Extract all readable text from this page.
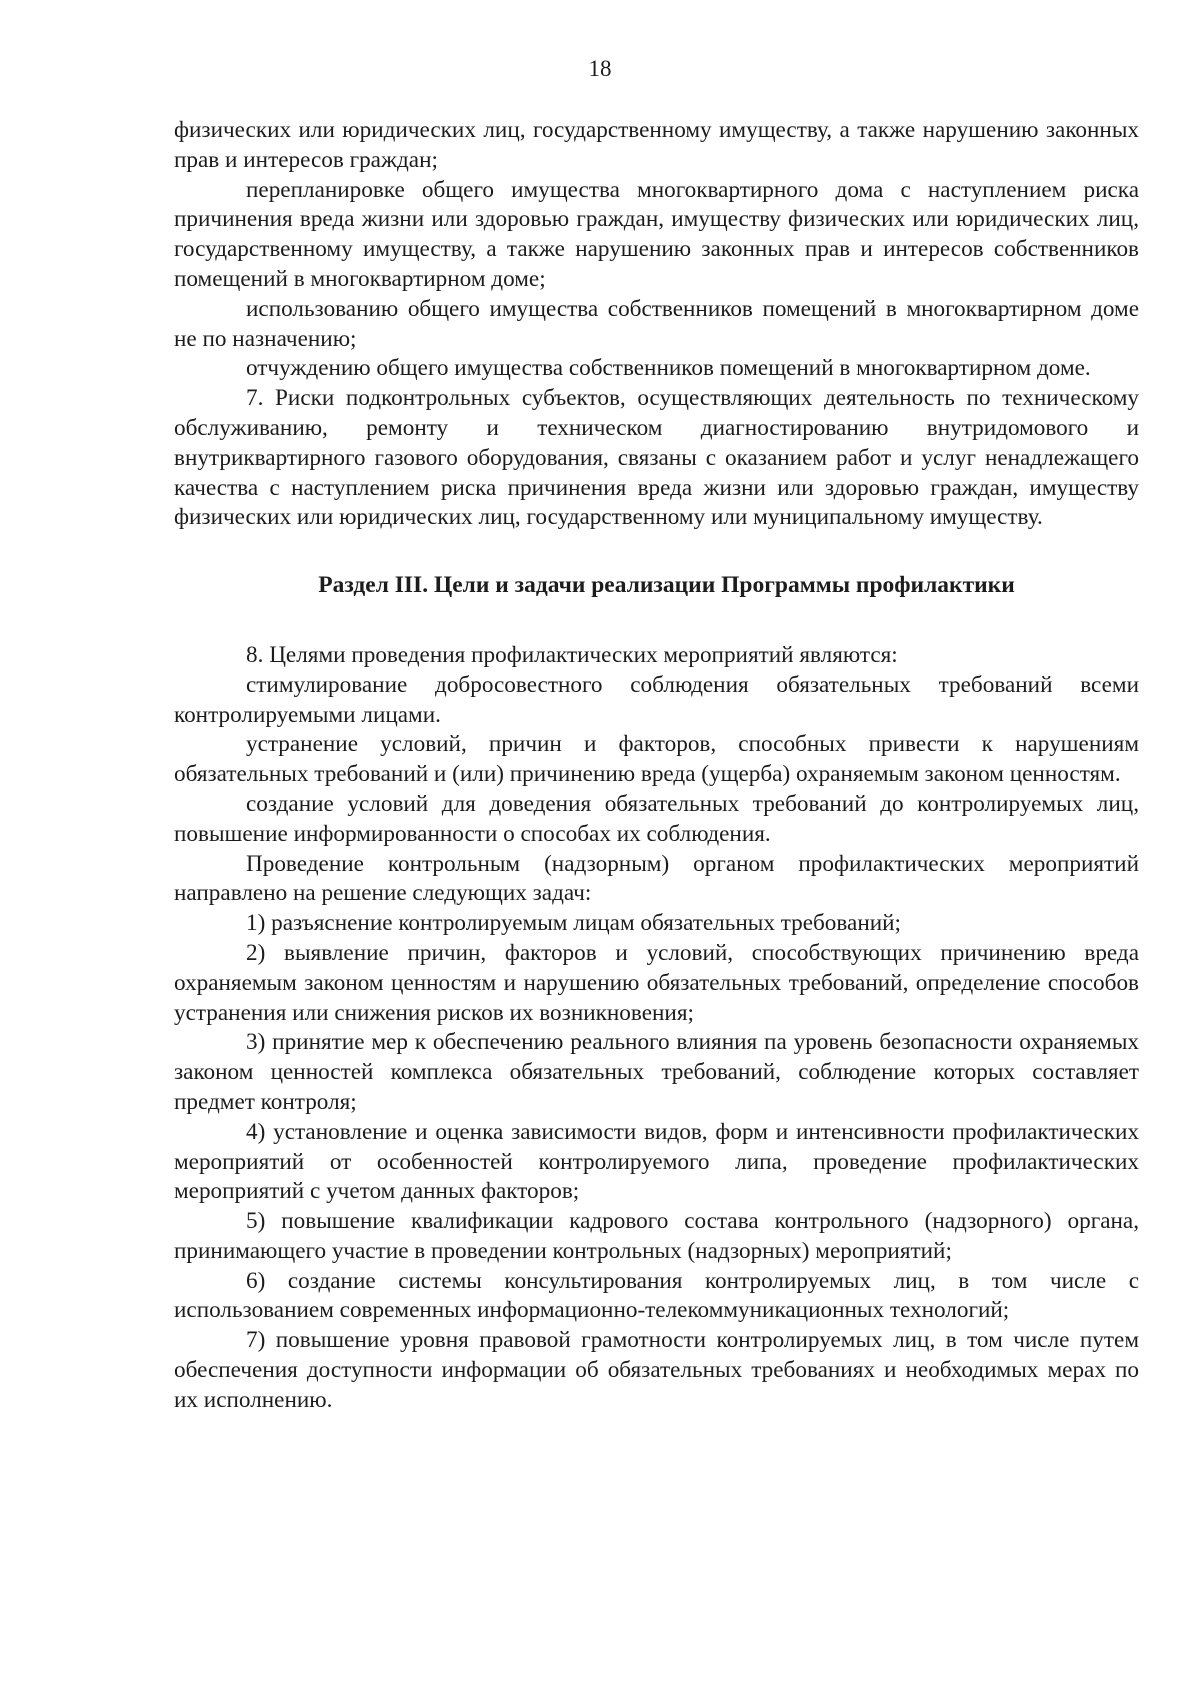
18

физических или юридических лиц, государственному имуществу, а также нарушению законных прав и интересов граждан;

перепланировке общего имущества многоквартирного дома с наступлением риска причинения вреда жизни или здоровью граждан, имуществу физических или юридических лиц, государственному имуществу, а также нарушению законных прав и интересов собственников помещений в многоквартирном доме;

использованию общего имущества собственников помещений в многоквартирном доме не по назначению;

отчуждению общего имущества собственников помещений в многоквартирном доме.

7. Риски подконтрольных субъектов, осуществляющих деятельность по техническому обслуживанию, ремонту и техническом диагностированию внутридомового и внутриквартирного газового оборудования, связаны с оказанием работ и услуг ненадлежащего качества с наступлением риска причинения вреда жизни или здоровью граждан, имуществу физических или юридических лиц, государственному или муниципальному имуществу.

Раздел III. Цели и задачи реализации Программы профилактики

8. Целями проведения профилактических мероприятий являются:

стимулирование добросовестного соблюдения обязательных требований всеми контролируемыми лицами.

устранение условий, причин и факторов, способных привести к нарушениям обязательных требований и (или) причинению вреда (ущерба) охраняемым законом ценностям.

создание условий для доведения обязательных требований до контролируемых лиц, повышение информированности о способах их соблюдения.

Проведение контрольным (надзорным) органом профилактических мероприятий направлено на решение следующих задач:

1) разъяснение контролируемым лицам обязательных требований;

2) выявление причин, факторов и условий, способствующих причинению вреда охраняемым законом ценностям и нарушению обязательных требований, определение способов устранения или снижения рисков их возникновения;

3) принятие мер к обеспечению реального влияния па уровень безопасности охраняемых законом ценностей комплекса обязательных требований, соблюдение которых составляет предмет контроля;

4) установление и оценка зависимости видов, форм и интенсивности профилактических мероприятий от особенностей контролируемого липа, проведение профилактических мероприятий с учетом данных факторов;

5) повышение квалификации кадрового состава контрольного (надзорного) органа, принимающего участие в проведении контрольных (надзорных) мероприятий;

6) создание системы консультирования контролируемых лиц, в том числе с использованием современных информационно-телекоммуникационных технологий;

7) повышение уровня правовой грамотности контролируемых лиц, в том числе путем обеспечения доступности информации об обязательных требованиях и необходимых мерах по их исполнению.
